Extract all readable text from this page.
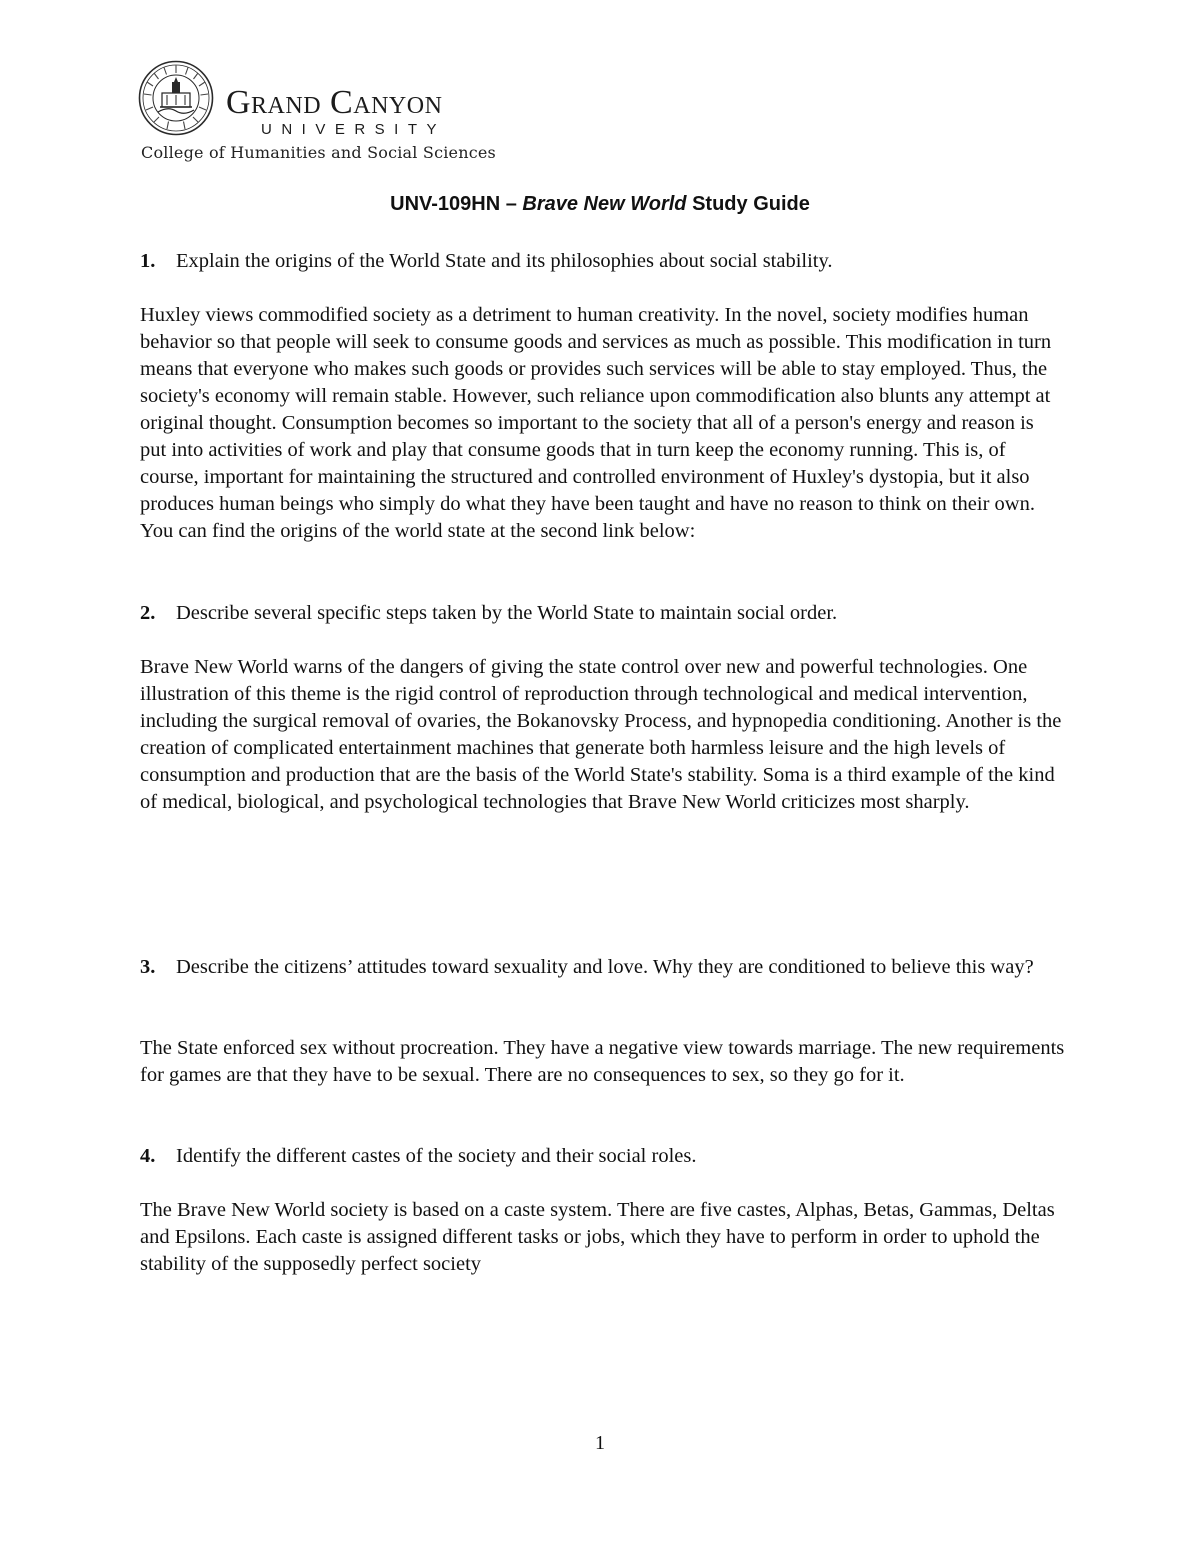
Grand Canyon
UNIVERSITY
College of Humanities and Social Sciences
UNV-109HN – Brave New World Study Guide
1. Explain the origins of the World State and its philosophies about social stability.
Huxley views commodified society as a detriment to human creativity. In the novel, society modifies human behavior so that people will seek to consume goods and services as much as possible. This modification in turn means that everyone who makes such goods or provides such services will be able to stay employed. Thus, the society's economy will remain stable. However, such reliance upon commodification also blunts any attempt at original thought. Consumption becomes so important to the society that all of a person's energy and reason is put into activities of work and play that consume goods that in turn keep the economy running. This is, of course, important for maintaining the structured and controlled environment of Huxley's dystopia, but it also produces human beings who simply do what they have been taught and have no reason to think on their own. You can find the origins of the world state at the second link below:
2. Describe several specific steps taken by the World State to maintain social order.
Brave New World warns of the dangers of giving the state control over new and powerful technologies. One illustration of this theme is the rigid control of reproduction through technological and medical intervention, including the surgical removal of ovaries, the Bokanovsky Process, and hypnopedia conditioning. Another is the creation of complicated entertainment machines that generate both harmless leisure and the high levels of consumption and production that are the basis of the World State's stability. Soma is a third example of the kind of medical, biological, and psychological technologies that Brave New World criticizes most sharply.
3. Describe the citizens’ attitudes toward sexuality and love. Why they are conditioned to believe this way?
The State enforced sex without procreation. They have a negative view towards marriage. The new requirements for games are that they have to be sexual. There are no consequences to sex, so they go for it.
4. Identify the different castes of the society and their social roles.
The Brave New World society is based on a caste system. There are five castes, Alphas, Betas, Gammas, Deltas and Epsilons. Each caste is assigned different tasks or jobs, which they have to perform in order to uphold the stability of the supposedly perfect society
1
